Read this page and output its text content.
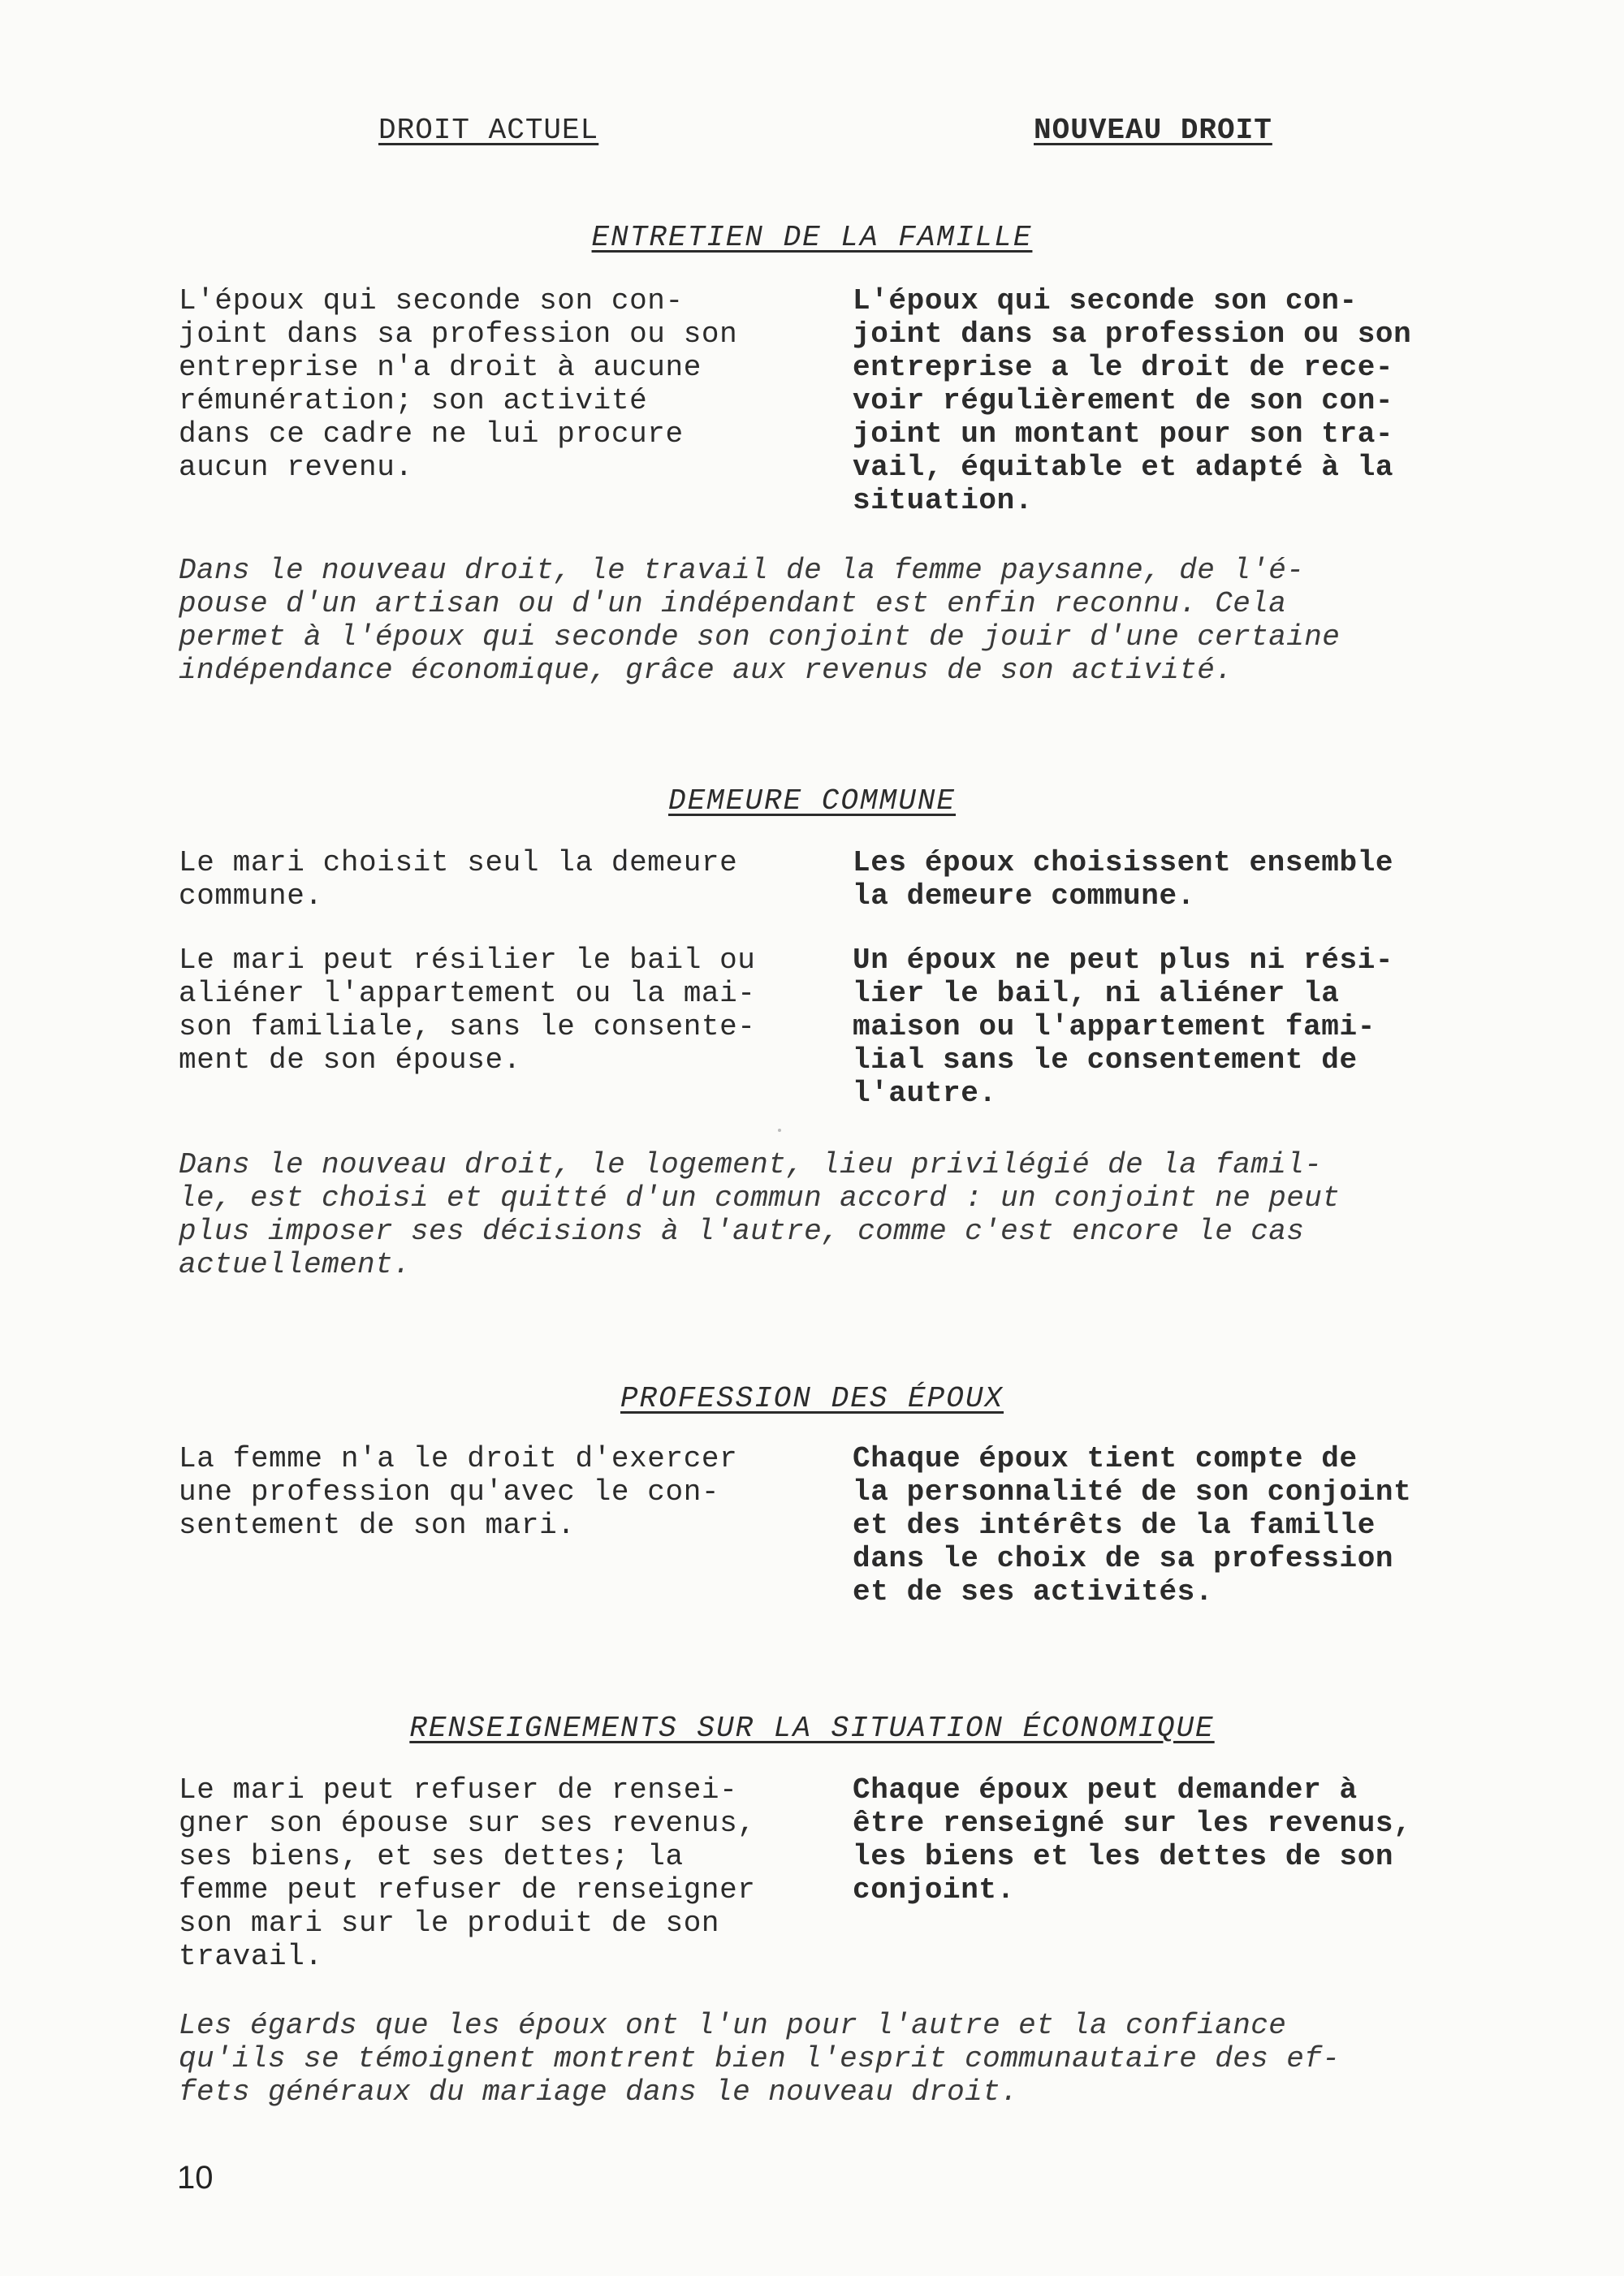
DROIT ACTUEL	NOUVEAU DROIT
ENTRETIEN DE LA FAMILLE
L'époux qui seconde son con-
joint dans sa profession ou son
entreprise n'a droit à aucune
rémunération; son activité
dans ce cadre ne lui procure
aucun revenu.
L'époux qui seconde son con-
joint dans sa profession ou son
entreprise a le droit de rece-
voir régulièrement de son con-
joint un montant pour son tra-
vail, équitable et adapté à la
situation.
Dans le nouveau droit, le travail de la femme paysanne, de l'é-
pouse d'un artisan ou d'un indépendant est enfin reconnu. Cela
permet à l'époux qui seconde son conjoint de jouir d'une certaine
indépendance économique, grâce aux revenus de son activité.
DEMEURE COMMUNE
Le mari choisit seul la demeure
commune.
Les époux choisissent ensemble
la demeure commune.
Le mari peut résilier le bail ou
aliéner l'appartement ou la mai-
son familiale, sans le consente-
ment de son épouse.
Un époux ne peut plus ni rési-
lier le bail, ni aliéner la
maison ou l'appartement fami-
lial sans le consentement de
l'autre.
Dans le nouveau droit, le logement, lieu privilégié de la famil-
le, est choisi et quitté d'un commun accord : un conjoint ne peut
plus imposer ses décisions à l'autre, comme c'est encore le cas
actuellement.
PROFESSION DES ÉPOUX
La femme n'a le droit d'exercer
une profession qu'avec le con-
sentement de son mari.
Chaque époux tient compte de
la personnalité de son conjoint
et des intérêts de la famille
dans le choix de sa profession
et de ses activités.
RENSEIGNEMENTS SUR LA SITUATION ÉCONOMIQUE
Le mari peut refuser de rensei-
gner son épouse sur ses revenus,
ses biens, et ses dettes; la
femme peut refuser de renseigner
son mari sur le produit de son
travail.
Chaque époux peut demander à
être renseigné sur les revenus,
les biens et les dettes de son
conjoint.
Les égards que les époux ont l'un pour l'autre et la confiance
qu'ils se témoignent montrent bien l'esprit communautaire des ef-
fets généraux du mariage dans le nouveau droit.
10
